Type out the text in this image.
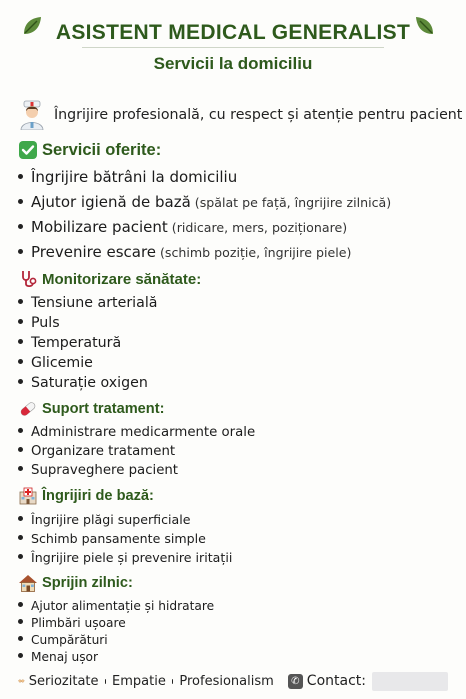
ASISTENT MEDICAL GENERALIST
Servicii la domiciliu
Îngrijire profesională, cu respect și atenție pentru pacient
Servicii oferite:
Îngrijire bătrâni la domiciliu
Ajutor igienă de bază (spălat pe față, îngrijire zilnică)
Mobilizare pacient (ridicare, mers, poziționare)
Prevenire escare (schimb poziție, îngrijire piele)
Monitorizare sănătate:
Tensiune arterială
Puls
Temperatură
Glicemie
Saturație oxigen
Suport tratament:
Administrare medicarmente orale
Organizare tratament
Supraveghere pacient
Îngrijiri de bază:
Îngrijire plăgi superficiale
Schimb pansamente simple
Îngrijire piele și prevenire iritații
Sprijin zilnic:
Ajutor alimentație și hidratare
Plimbări ușoare
Cumpărături
Menaj ușor
Seriozitate Empatie Profesionalism	✆ Contact:
